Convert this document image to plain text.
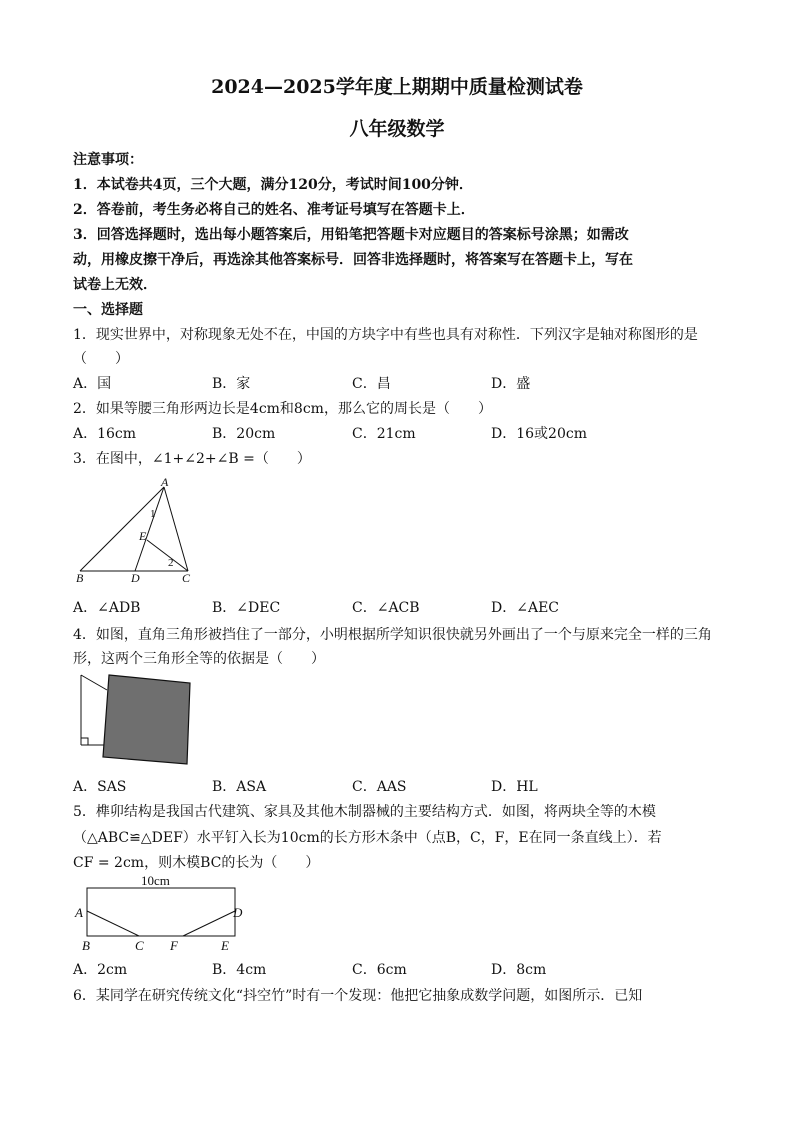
2024—2025学年度上期期中质量检测试卷
八年级数学
注意事项：
1．本试卷共4页，三个大题，满分120分，考试时间100分钟．
2．答卷前，考生务必将自己的姓名、准考证号填写在答题卡上．
3．回答选择题时，选出每小题答案后，用铅笔把答题卡对应题目的答案标号涂黑；如需改
动，用橡皮擦干净后，再选涂其他答案标号．回答非选择题时，将答案写在答题卡上，写在
试卷上无效．
一、选择题
1．现实世界中，对称现象无处不在，中国的方块字中有些也具有对称性．下列汉字是轴对称图形的是
（　　）
A．国	B．家	C．昌	D．盛
2．如果等腰三角形两边长是4cm和8cm，那么它的周长是（　　）
A．16cm	B．20cm	C．21cm	D．16或20cm
3．在图中，∠1+∠2+∠B =（　　）
A
B	D	C
E
1
2
A．∠ADB	B．∠DEC	C．∠ACB	D．∠AEC
4．如图，直角三角形被挡住了一部分，小明根据所学知识很快就另外画出了一个与原来完全一样的三角
形，这两个三角形全等的依据是（　　）
A．SAS	B．ASA	C．AAS	D．HL
5．榫卯结构是我国古代建筑、家具及其他木制器械的主要结构方式．如图，将两块全等的木模
（△ABC≌△DEF）水平钉入长为10cm的长方形木条中（点B，C，F，E在同一条直线上）．若
CF = 2cm，则木模BC的长为（　　）
10cm
A
B	C F	E
D
A．2cm	B．4cm	C．6cm	D．8cm
6．某同学在研究传统文化“抖空竹”时有一个发现：他把它抽象成数学问题，如图所示．已知
